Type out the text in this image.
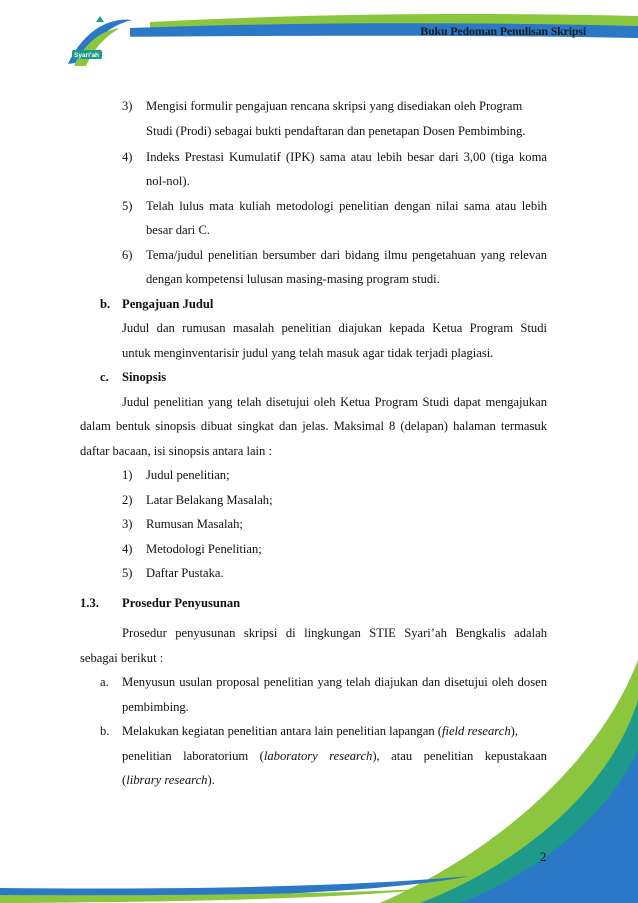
Syari'ah
Buku Pedoman Penulisan Skripsi
3) Mengisi formulir pengajuan rencana skripsi yang disediakan oleh Program
Studi (Prodi) sebagai bukti pendaftaran dan penetapan Dosen Pembimbing.
4) Indeks Prestasi Kumulatif (IPK) sama atau lebih besar dari 3,00 (tiga koma
nol-nol).
5) Telah lulus mata kuliah metodologi penelitian dengan nilai sama atau lebih
besar dari C.
6) Tema/judul penelitian bersumber dari bidang ilmu pengetahuan yang relevan
dengan kompetensi lulusan masing-masing program studi.
b. Pengajuan Judul
Judul dan rumusan masalah penelitian diajukan kepada Ketua Program Studi
untuk menginventarisir judul yang telah masuk agar tidak terjadi plagiasi.
c. Sinopsis
Judul penelitian yang telah disetujui oleh Ketua Program Studi dapat mengajukan
dalam bentuk sinopsis dibuat singkat dan jelas. Maksimal 8 (delapan) halaman termasuk
daftar bacaan, isi sinopsis antara lain :
1) Judul penelitian;
2) Latar Belakang Masalah;
3) Rumusan Masalah;
4) Metodologi Penelitian;
5) Daftar Pustaka.
1.3. Prosedur Penyusunan
Prosedur penyusunan skripsi di lingkungan STIE Syari’ah Bengkalis adalah
sebagai berikut :
a. Menyusun usulan proposal penelitian yang telah diajukan dan disetujui oleh dosen
pembimbing.
b. Melakukan kegiatan penelitian antara lain penelitian lapangan (field research),
penelitian laboratorium (laboratory research), atau penelitian kepustakaan
(library research).
2
